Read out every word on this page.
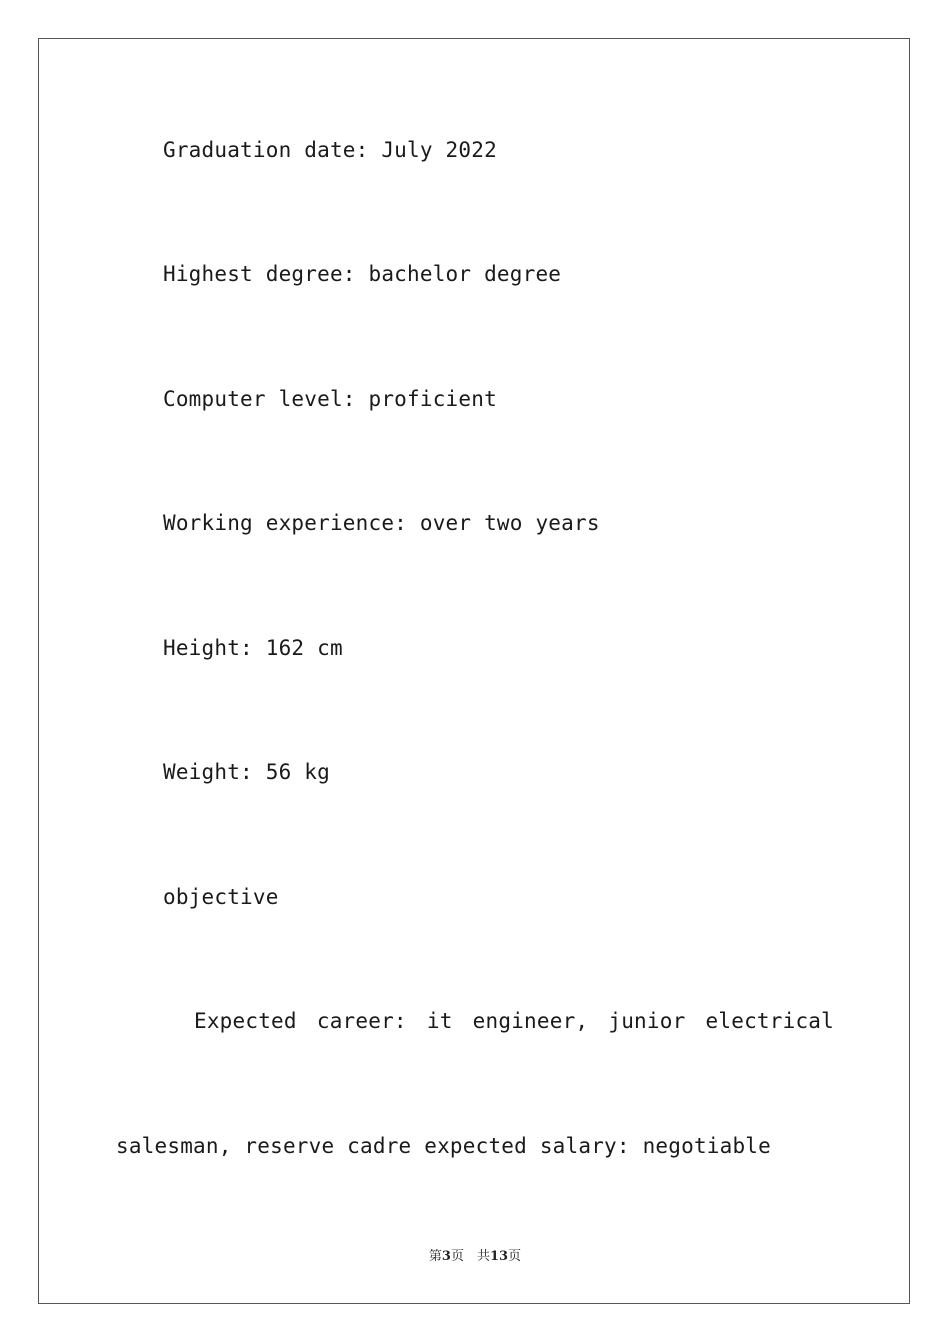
Graduation date: July 2022
Highest degree: bachelor degree
Computer level: proficient
Working experience: over two years
Height: 162 cm
Weight: 56 kg
objective
Expected career: it engineer, junior electrical
salesman, reserve cadre expected salary: negotiable
第3页　共13页
